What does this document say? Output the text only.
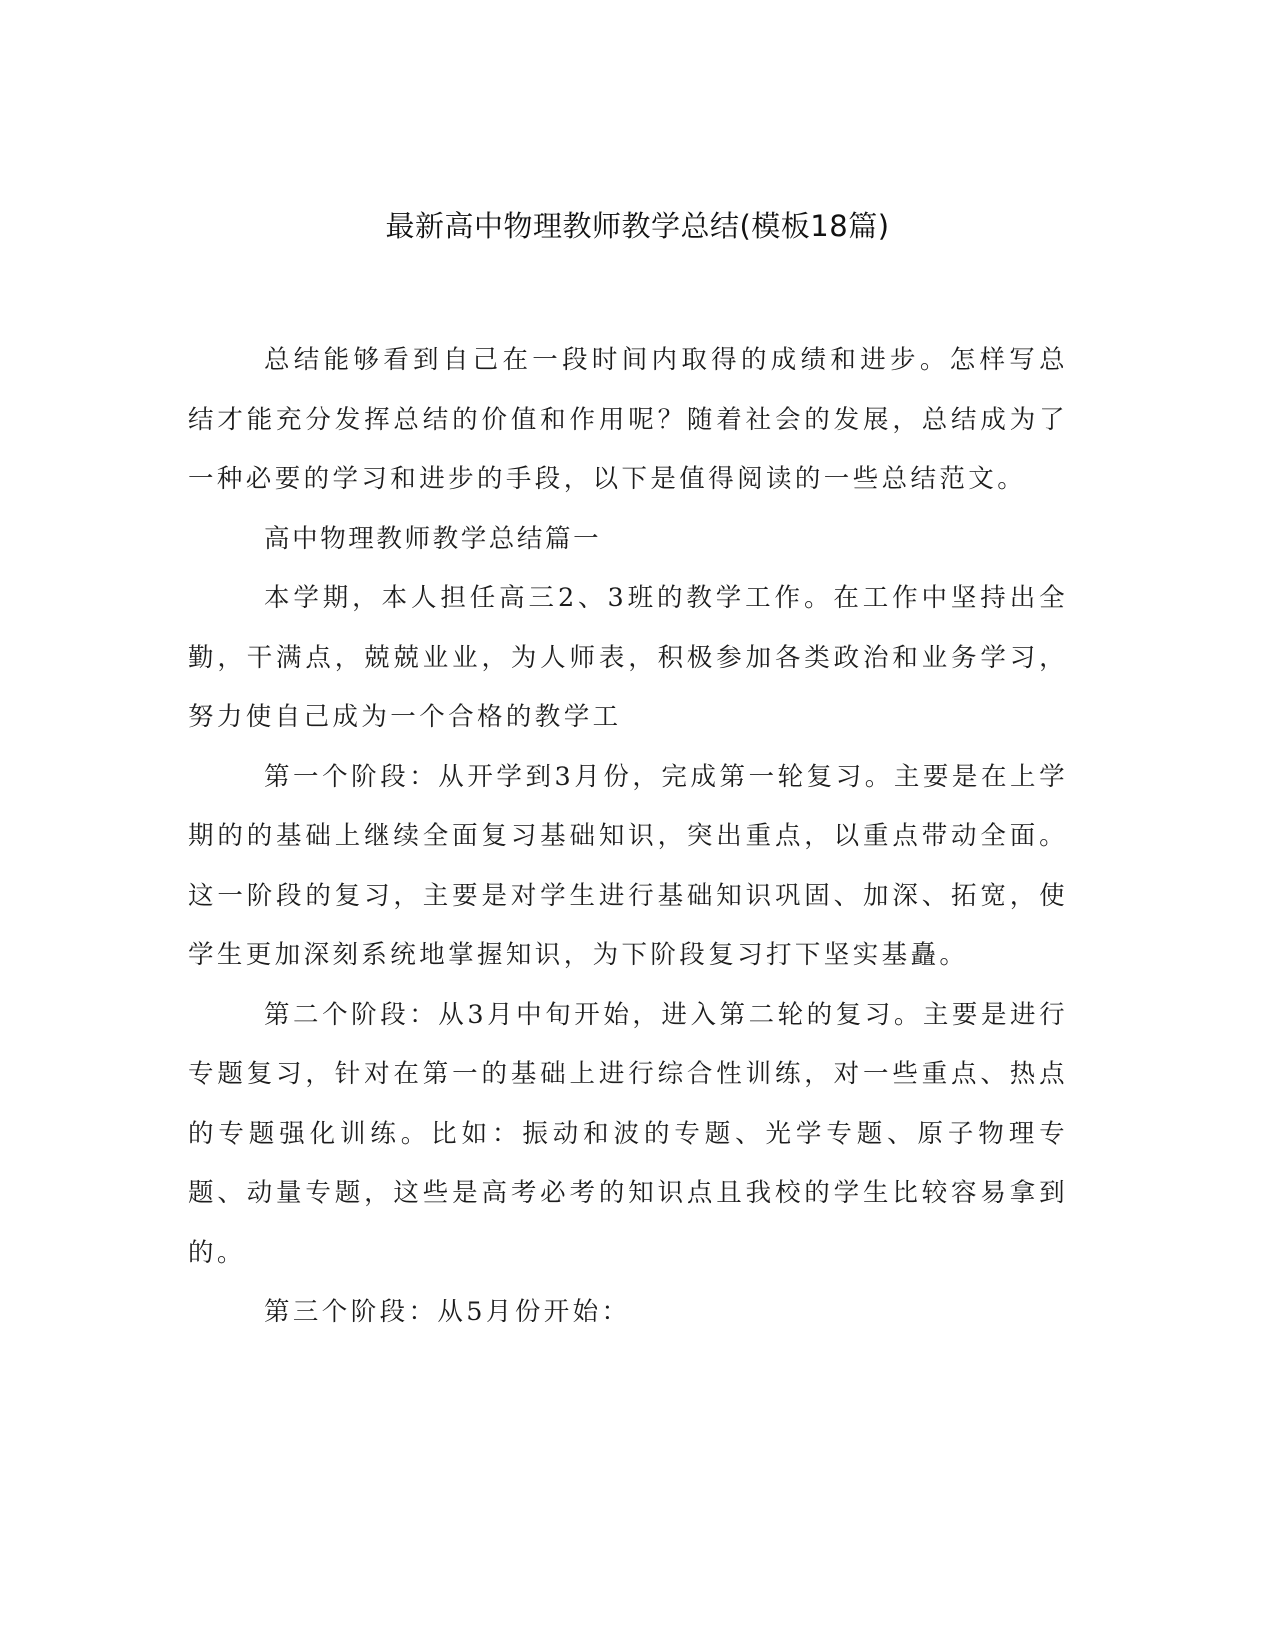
最新高中物理教师教学总结(模板18篇)

总结能够看到自己在一段时间内取得的成绩和进步。怎样写总结才能充分发挥总结的价值和作用呢？随着社会的发展，总结成为了一种必要的学习和进步的手段，以下是值得阅读的一些总结范文。

高中物理教师教学总结篇一

本学期，本人担任高三2、3班的教学工作。在工作中坚持出全勤，干满点，兢兢业业，为人师表，积极参加各类政治和业务学习，努力使自己成为一个合格的教学工

第一个阶段：从开学到3月份，完成第一轮复习。主要是在上学期的的基础上继续全面复习基础知识，突出重点，以重点带动全面。这一阶段的复习，主要是对学生进行基础知识巩固、加深、拓宽，使学生更加深刻系统地掌握知识，为下阶段复习打下坚实基矗。

第二个阶段：从3月中旬开始，进入第二轮的复习。主要是进行专题复习，针对在第一的基础上进行综合性训练，对一些重点、热点的专题强化训练。比如：振动和波的专题、光学专题、原子物理专题、动量专题，这些是高考必考的知识点且我校的学生比较容易拿到的。

第三个阶段：从5月份开始：
